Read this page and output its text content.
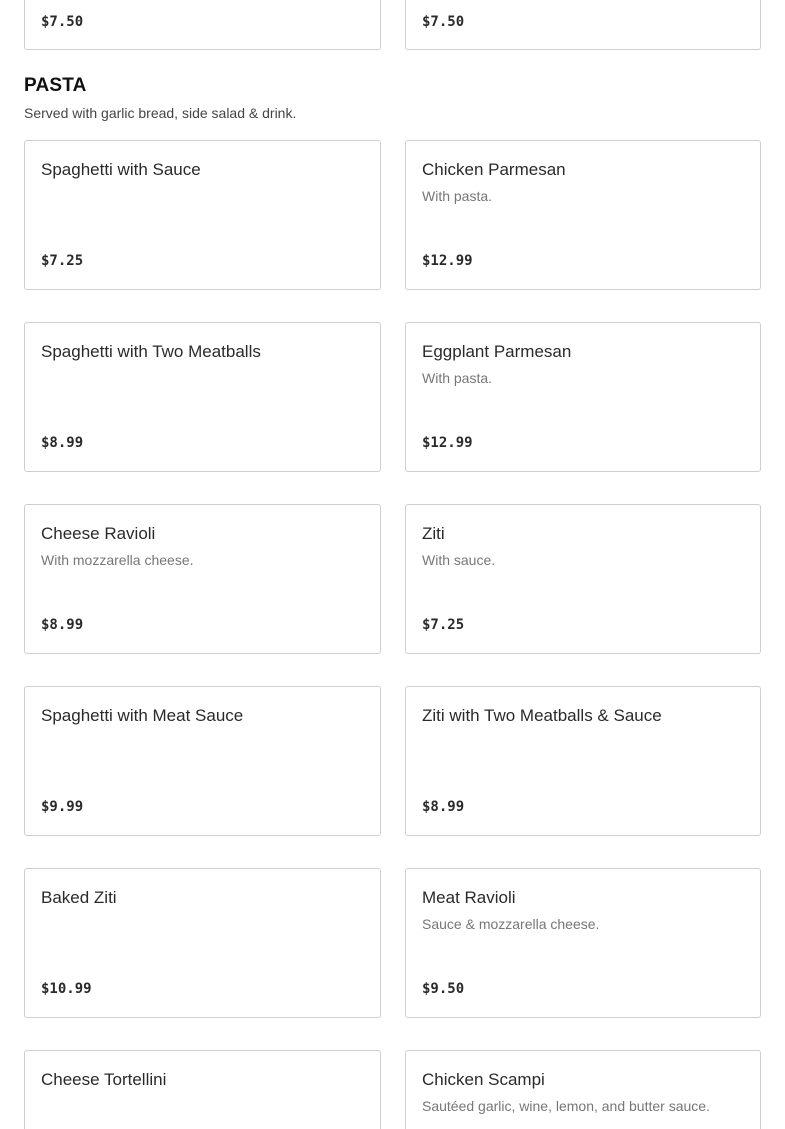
$7.50	$7.50
PASTA

Served with garlic bread, side salad & drink.

Spaghetti with Sauce
$7.25
Chicken Parmesan
With pasta.
$12.99
Spaghetti with Two Meatballs
$8.99
Eggplant Parmesan
With pasta.
$12.99
Cheese Ravioli
With mozzarella cheese.
$8.99
Ziti
With sauce.
$7.25
Spaghetti with Meat Sauce
$9.99
Ziti with Two Meatballs & Sauce
$8.99
Baked Ziti
$10.99
Meat Ravioli
Sauce & mozzarella cheese.
$9.50
Cheese Tortellini	Chicken Scampi
Sautéed garlic, wine, lemon, and butter sauce.
